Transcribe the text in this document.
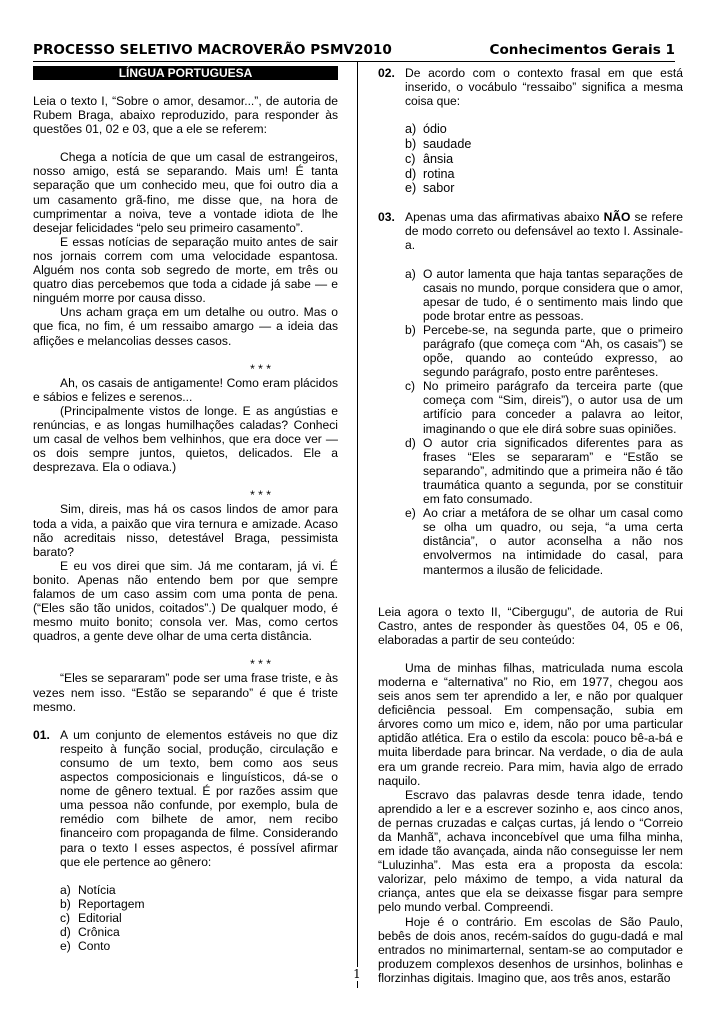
PROCESSO SELETIVO MACROVERÃO PSMV2010	Conhecimentos Gerais 1
LÍNGUA PORTUGUESA

Leia o texto I, “Sobre o amor, desamor...”, de autoria de Rubem Braga, abaixo reproduzido, para responder às questões 01, 02 e 03, que a ele se referem:

Chega a notícia de que um casal de estrangeiros, nosso amigo, está se separando. Mais um! É tanta separação que um conhecido meu, que foi outro dia a um casamento grã-fino, me disse que, na hora de cumprimentar a noiva, teve a vontade idiota de lhe desejar felicidades “pelo seu primeiro casamento”.

E essas notícias de separação muito antes de sair nos jornais correm com uma velocidade espantosa. Alguém nos conta sob segredo de morte, em três ou quatro dias percebemos que toda a cidade já sabe — e ninguém morre por causa disso.

Uns acham graça em um detalhe ou outro. Mas o que fica, no fim, é um ressaibo amargo — a ideia das aflições e melancolias desses casos.

* * *

Ah, os casais de antigamente! Como eram plácidos e sábios e felizes e serenos...

(Principalmente vistos de longe. E as angústias e renúncias, e as longas humilhações caladas? Conheci um casal de velhos bem velhinhos, que era doce ver — os dois sempre juntos, quietos, delicados. Ele a desprezava. Ela o odiava.)

* * *

Sim, direis, mas há os casos lindos de amor para toda a vida, a paixão que vira ternura e amizade. Acaso não acreditais nisso, detestável Braga, pessimista barato?

E eu vos direi que sim. Já me contaram, já vi. É bonito. Apenas não entendo bem por que sempre falamos de um caso assim com uma ponta de pena. (“Eles são tão unidos, coitados”.) De qualquer modo, é mesmo muito bonito; consola ver. Mas, como certos quadros, a gente deve olhar de uma certa distância.

* * *

“Eles se separaram” pode ser uma frase triste, e às vezes nem isso. “Estão se separando” é que é triste mesmo.

01. A um conjunto de elementos estáveis no que diz respeito à função social, produção, circulação e consumo de um texto, bem como aos seus aspectos composicionais e linguísticos, dá-se o nome de gênero textual. É por razões assim que uma pessoa não confunde, por exemplo, bula de remédio com bilhete de amor, nem recibo financeiro com propaganda de filme. Considerando para o texto I esses aspectos, é possível afirmar que ele pertence ao gênero:
a) Notícia
b) Reportagem
c) Editorial
d) Crônica
e) Conto
02. De acordo com o contexto frasal em que está inserido, o vocábulo “ressaibo” significa a mesma coisa que:
a) ódio
b) saudade
c) ânsia
d) rotina
e) sabor
03. Apenas uma das afirmativas abaixo NÃO se refere de modo correto ou defensável ao texto I. Assinale-a.
a) O autor lamenta que haja tantas separações de casais no mundo, porque considera que o amor, apesar de tudo, é o sentimento mais lindo que pode brotar entre as pessoas.
b) Percebe-se, na segunda parte, que o primeiro parágrafo (que começa com “Ah, os casais”) se opõe, quando ao conteúdo expresso, ao segundo parágrafo, posto entre parênteses.
c) No primeiro parágrafo da terceira parte (que começa com “Sim, direis”), o autor usa de um artifício para conceder a palavra ao leitor, imaginando o que ele dirá sobre suas opiniões.
d) O autor cria significados diferentes para as frases “Eles se separaram” e “Estão se separando”, admitindo que a primeira não é tão traumática quanto a segunda, por se constituir em fato consumado.
e) Ao criar a metáfora de se olhar um casal como se olha um quadro, ou seja, “a uma certa distância”, o autor aconselha a não nos envolvermos na intimidade do casal, para mantermos a ilusão de felicidade.

Leia agora o texto II, “Cibergugu”, de autoria de Rui Castro, antes de responder às questões 04, 05 e 06, elaboradas a partir de seu conteúdo:

Uma de minhas filhas, matriculada numa escola moderna e “alternativa” no Rio, em 1977, chegou aos seis anos sem ter aprendido a ler, e não por qualquer deficiência pessoal. Em compensação, subia em árvores como um mico e, idem, não por uma particular aptidão atlética. Era o estilo da escola: pouco bê-a-bá e muita liberdade para brincar. Na verdade, o dia de aula era um grande recreio. Para mim, havia algo de errado naquilo.

Escravo das palavras desde tenra idade, tendo aprendido a ler e a escrever sozinho e, aos cinco anos, de pernas cruzadas e calças curtas, já lendo o “Correio da Manhã”, achava inconcebível que uma filha minha, em idade tão avançada, ainda não conseguisse ler nem “Luluzinha”. Mas esta era a proposta da escola: valorizar, pelo máximo de tempo, a vida natural da criança, antes que ela se deixasse fisgar para sempre pelo mundo verbal. Compreendi.

Hoje é o contrário. Em escolas de São Paulo, bebês de dois anos, recém-saídos do gugu-dadá e mal entrados no minimarternal, sentam-se ao computador e produzem complexos desenhos de ursinhos, bolinhas e florzinhas digitais. Imagino que, aos três anos, estarão

1
